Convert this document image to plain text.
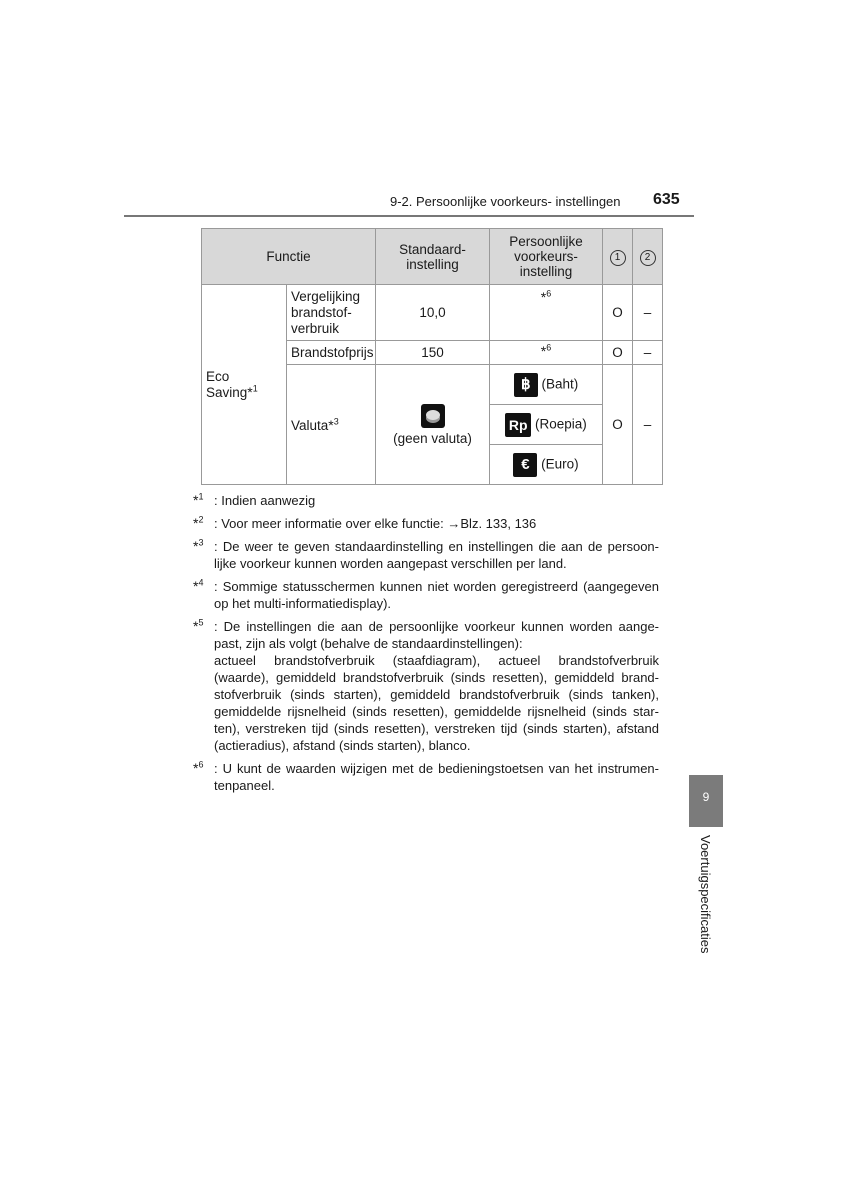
9-2. Persoonlijke voorkeurs- instellingen 635
Functie		Standaard-
instelling	Persoonlijke
voorkeurs-
instelling	1	2
Eco
Saving*$^1$	Vergelijking
brandstof-
verbruik	10,0	*$^6$	O	–
	Brandstofprijs	150	*$^6$	O	–
	Valuta*$^3$	(geen valuta)	฿ (Baht)	O	–
			Rp (Roepia)		
			€ (Euro)		
*$^1$ : Indien aanwezig
*$^2$ : Voor meer informatie over elke functie: →Blz. 133, 136
*$^3$ : De weer te geven standaardinstelling en instellingen die aan de persoon-lijke voorkeur kunnen worden aangepast verschillen per land.
*$^4$ : Sommige statusschermen kunnen niet worden geregistreerd (aangegeven op het multi-informatiedisplay).
*$^5$ : De instellingen die aan de persoonlijke voorkeur kunnen worden aange-past, zijn als volgt (behalve de standaardinstellingen):
actueel brandstofverbruik (staafdiagram), actueel brandstofverbruik (waarde), gemiddeld brandstofverbruik (sinds resetten), gemiddeld brand-stofverbruik (sinds starten), gemiddeld brandstofverbruik (sinds tanken), gemiddelde rijsnelheid (sinds resetten), gemiddelde rijsnelheid (sinds star-ten), verstreken tijd (sinds resetten), verstreken tijd (sinds starten), afstand (actieradius), afstand (sinds starten), blanco.
*$^6$ : U kunt de waarden wijzigen met de bedieningstoetsen van het instrumen-tenpaneel.
9
Voertuigspecificaties
